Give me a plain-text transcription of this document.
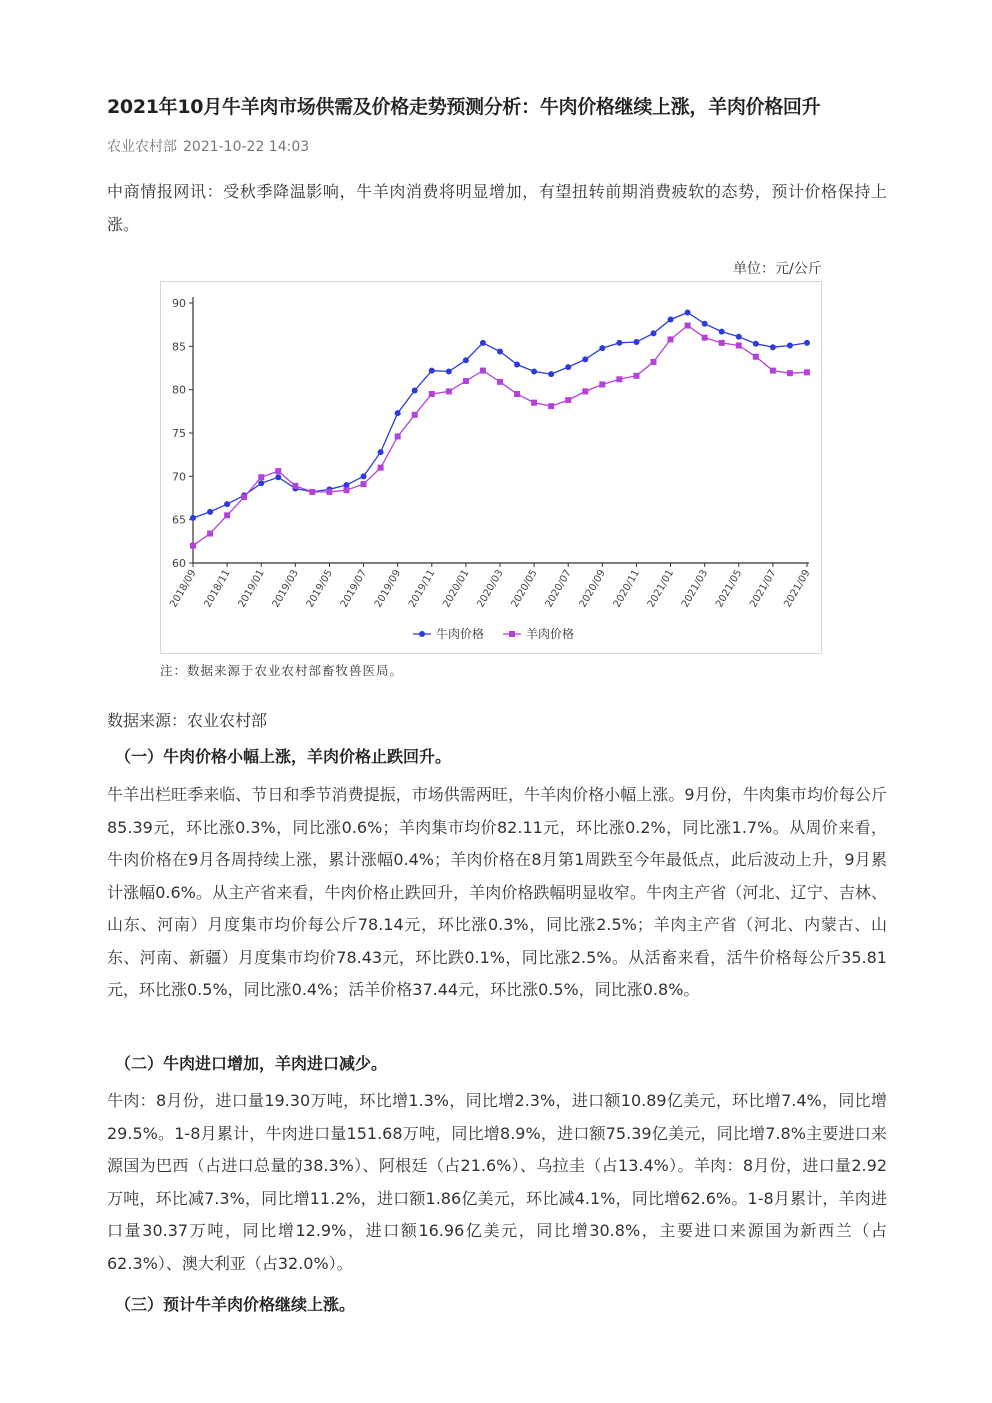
2021年10月牛羊肉市场供需及价格走势预测分析：牛肉价格继续上涨，羊肉价格回升
农业农村部 2021-10-22 14:03

中商情报网讯：受秋季降温影响，牛羊肉消费将明显增加，有望扭转前期消费疲软的态势，预计价格保持上涨。

单位：元/公斤
60
65
70
75
80
85
90
2018/09 2018/11 2019/01 2019/03 2019/05 2019/07 2019/09 2019/11 2020/01 2020/03 2020/05 2020/07 2020/09 2020/11 2021/01 2021/03 2021/05 2021/07 2021/09
牛肉价格	羊肉价格
注：数据来源于农业农村部畜牧兽医局。
数据来源：农业农村部
（一）牛肉价格小幅上涨，羊肉价格止跌回升。

牛羊出栏旺季来临、节日和季节消费提振，市场供需两旺，牛羊肉价格小幅上涨。9月份，牛肉集市均价每公斤85.39元，环比涨0.3%，同比涨0.6%；羊肉集市均价82.11元，环比涨0.2%，同比涨1.7%。从周价来看，牛肉价格在9月各周持续上涨，累计涨幅0.4%；羊肉价格在8月第1周跌至今年最低点，此后波动上升，9月累计涨幅0.6%。从主产省来看，牛肉价格止跌回升，羊肉价格跌幅明显收窄。牛肉主产省（河北、辽宁、吉林、山东、河南）月度集市均价每公斤78.14元，环比涨0.3%，同比涨2.5%；羊肉主产省（河北、内蒙古、山东、河南、新疆）月度集市均价78.43元，环比跌0.1%，同比涨2.5%。从活畜来看，活牛价格每公斤35.81元，环比涨0.5%，同比涨0.4%；活羊价格37.44元，环比涨0.5%，同比涨0.8%。

（二）牛肉进口增加，羊肉进口减少。

牛肉：8月份，进口量19.30万吨，环比增1.3%，同比增2.3%，进口额10.89亿美元，环比增7.4%，同比增29.5%。1-8月累计，牛肉进口量151.68万吨，同比增8.9%，进口额75.39亿美元，同比增7.8%主要进口来源国为巴西（占进口总量的38.3%）、阿根廷（占21.6%）、乌拉圭（占13.4%）。羊肉：8月份，进口量2.92万吨，环比减7.3%，同比增11.2%，进口额1.86亿美元，环比减4.1%，同比增62.6%。1-8月累计，羊肉进口量30.37万吨，同比增12.9%，进口额16.96亿美元，同比增30.8%，主要进口来源国为新西兰（占62.3%）、澳大利亚（占32.0%）。

（三）预计牛羊肉价格继续上涨。
